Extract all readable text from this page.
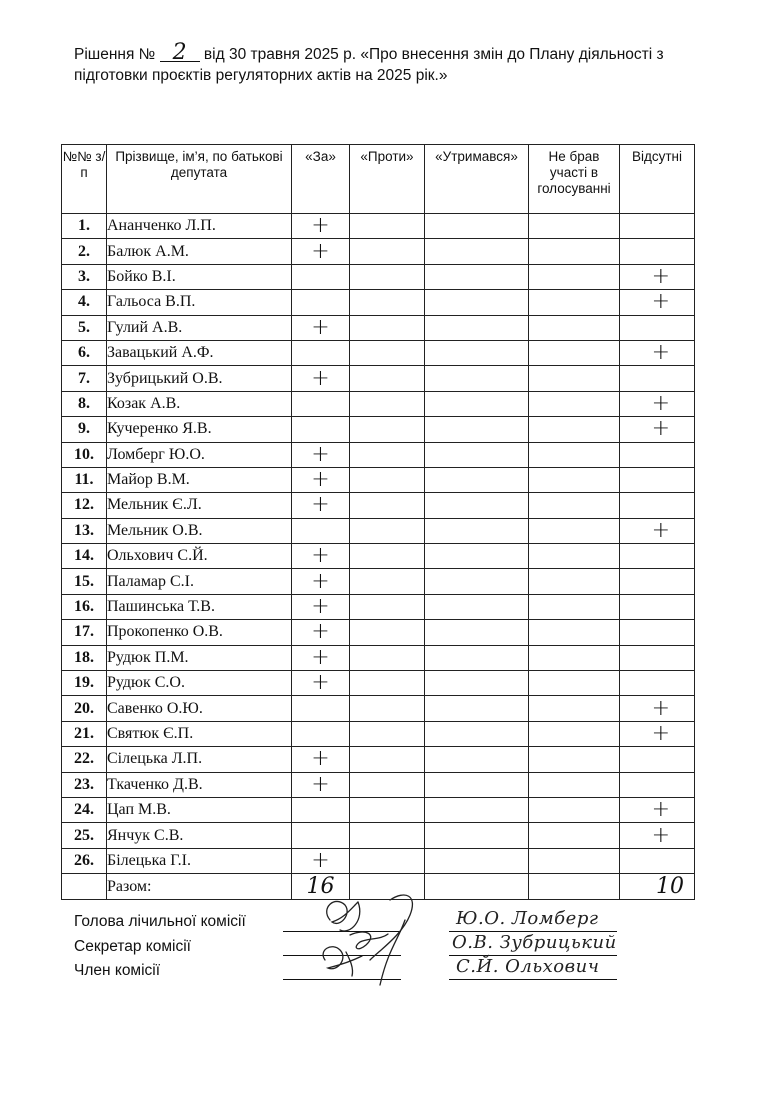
Рішення № 2 від 30 травня 2025 р. «Про внесення змін до Плану діяльності з підготовки проєктів регуляторних актів на 2025 рік.»
№№ з/п	Прізвище, ім’я, по батькові депутата	«За»	«Проти»	«Утримався»	Не брав участі в голосуванні	Відсутні
1.	Ананченко Л.П.	+				

2.	Балюк А.М.	+				

3.	Бойко В.І.					+

4.	Гальоса В.П.					+

5.	Гулий А.В.	+				

6.	Завацький А.Ф.					+

7.	Зубрицький О.В.	+				

8.	Козак А.В.					+

9.	Кучеренко Я.В.					+

10.	Ломберг Ю.О.	+				

11.	Майор В.М.	+				

12.	Мельник Є.Л.	+				

13.	Мельник О.В.					+

14.	Ольхович С.Й.	+				

15.	Паламар С.І.	+				

16.	Пашинська Т.В.	+				

17.	Прокопенко О.В.	+				

18.	Рудюк П.М.	+				

19.	Рудюк С.О.	+				

20.	Савенко О.Ю.					+

21.	Святюк Є.П.					+

22.	Сілецька Л.П.	+				

23.	Ткаченко Д.В.	+				

24.	Цап М.В.					+

25.	Янчук С.В.					+

26.	Білецька Г.І.	+				

	Разом:	16				10
Голова лічильної комісії
Секретар комісії
Член комісії
Ю.О. Ломберг
О.В. Зубрицький
С.Й. Ольхович
